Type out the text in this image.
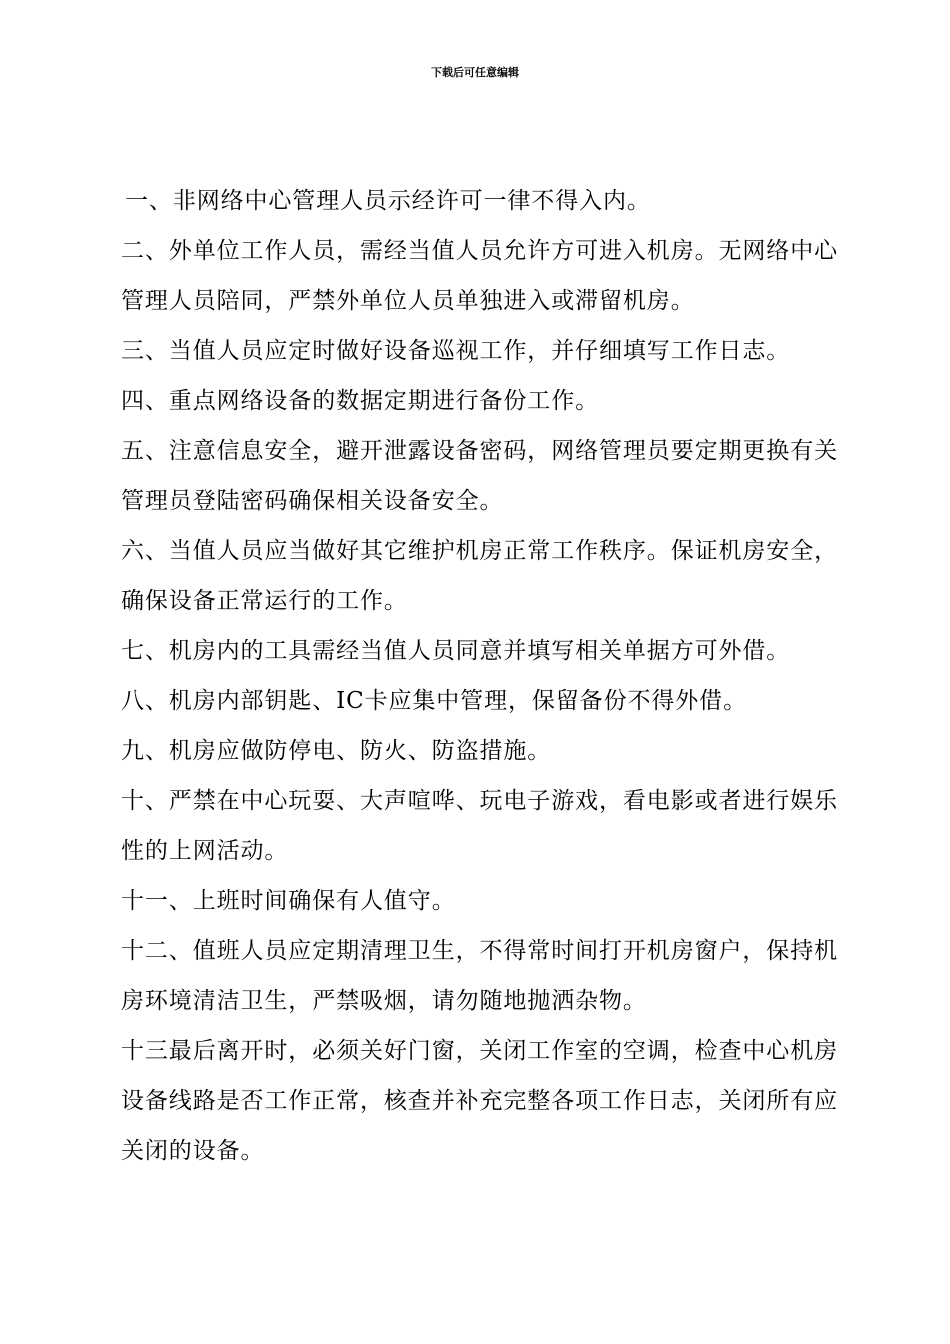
下载后可任意编辑

一、非网络中心管理人员示经许可一律不得入内。

二、外单位工作人员，需经当值人员允许方可进入机房。无网络中心管理人员陪同，严禁外单位人员单独进入或滞留机房。

三、当值人员应定时做好设备巡视工作，并仔细填写工作日志。

四、重点网络设备的数据定期进行备份工作。

五、注意信息安全，避开泄露设备密码，网络管理员要定期更换有关管理员登陆密码确保相关设备安全。

六、当值人员应当做好其它维护机房正常工作秩序。保证机房安全，确保设备正常运行的工作。

七、机房内的工具需经当值人员同意并填写相关单据方可外借。

八、机房内部钥匙、IC卡应集中管理，保留备份不得外借。

九、机房应做防停电、防火、防盗措施。

十、严禁在中心玩耍、大声喧哗、玩电子游戏，看电影或者进行娱乐性的上网活动。

十一、上班时间确保有人值守。

十二、值班人员应定期清理卫生，不得常时间打开机房窗户，保持机房环境清洁卫生，严禁吸烟，请勿随地抛洒杂物。

十三最后离开时，必须关好门窗，关闭工作室的空调，检查中心机房设备线路是否工作正常，核查并补充完整各项工作日志，关闭所有应关闭的设备。
